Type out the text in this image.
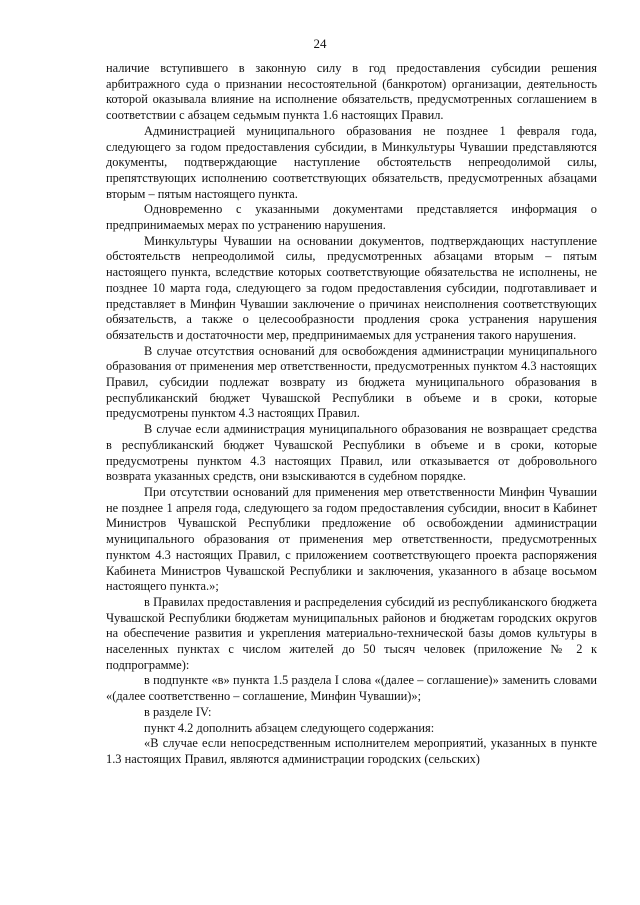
24

наличие вступившего в законную силу в год предоставления субсидии решения арбитражного суда о признании несостоятельной (банкротом) организации, деятельность которой оказывала влияние на исполнение обязательств, предусмотренных соглашением в соответствии с абзацем седьмым пункта 1.6 настоящих Правил.

Администрацией муниципального образования не позднее 1 февраля года, следующего за годом предоставления субсидии, в Минкультуры Чувашии представляются документы, подтверждающие наступление обстоятельств непреодолимой силы, препятствующих исполнению соответствующих обязательств, предусмотренных абзацами вторым – пятым настоящего пункта.

Одновременно с указанными документами представляется информация о предпринимаемых мерах по устранению нарушения.

Минкультуры Чувашии на основании документов, подтверждающих наступление обстоятельств непреодолимой силы, предусмотренных абзацами вторым – пятым настоящего пункта, вследствие которых соответствующие обязательства не исполнены, не позднее 10 марта года, следующего за годом предоставления субсидии, подготавливает и представляет в Минфин Чувашии заключение о причинах неисполнения соответствующих обязательств, а также о целесообразности продления срока устранения нарушения обязательств и достаточности мер, предпринимаемых для устранения такого нарушения.

В случае отсутствия оснований для освобождения администрации муниципального образования от применения мер ответственности, предусмотренных пунктом 4.3 настоящих Правил, субсидии подлежат возврату из бюджета муниципального образования в республиканский бюджет Чувашской Республики в объеме и в сроки, которые предусмотрены пунктом 4.3 настоящих Правил.

В случае если администрация муниципального образования не возвращает средства в республиканский бюджет Чувашской Республики в объеме и в сроки, которые предусмотрены пунктом 4.3 настоящих Правил, или отказывается от добровольного возврата указанных средств, они взыскиваются в судебном порядке.

При отсутствии оснований для применения мер ответственности Минфин Чувашии не позднее 1 апреля года, следующего за годом предоставления субсидии, вносит в Кабинет Министров Чувашской Республики предложение об освобождении администрации муниципального образования от применения мер ответственности, предусмотренных пунктом 4.3 настоящих Правил, с приложением соответствующего проекта распоряжения Кабинета Министров Чувашской Республики и заключения, указанного в абзаце восьмом настоящего пункта.»;

в Правилах предоставления и распределения субсидий из республиканского бюджета Чувашской Республики бюджетам муниципальных районов и бюджетам городских округов на обеспечение развития и укрепления материально-технической базы домов культуры в населенных пунктах с числом жителей до 50 тысяч человек (приложение № 2 к подпрограмме):

в подпункте «в» пункта 1.5 раздела I слова «(далее – соглашение)» заменить словами «(далее соответственно – соглашение, Минфин Чувашии)»;

в разделе IV:

пункт 4.2 дополнить абзацем следующего содержания:

«В случае если непосредственным исполнителем мероприятий, указанных в пункте 1.3 настоящих Правил, являются администрации городских (сельских)
